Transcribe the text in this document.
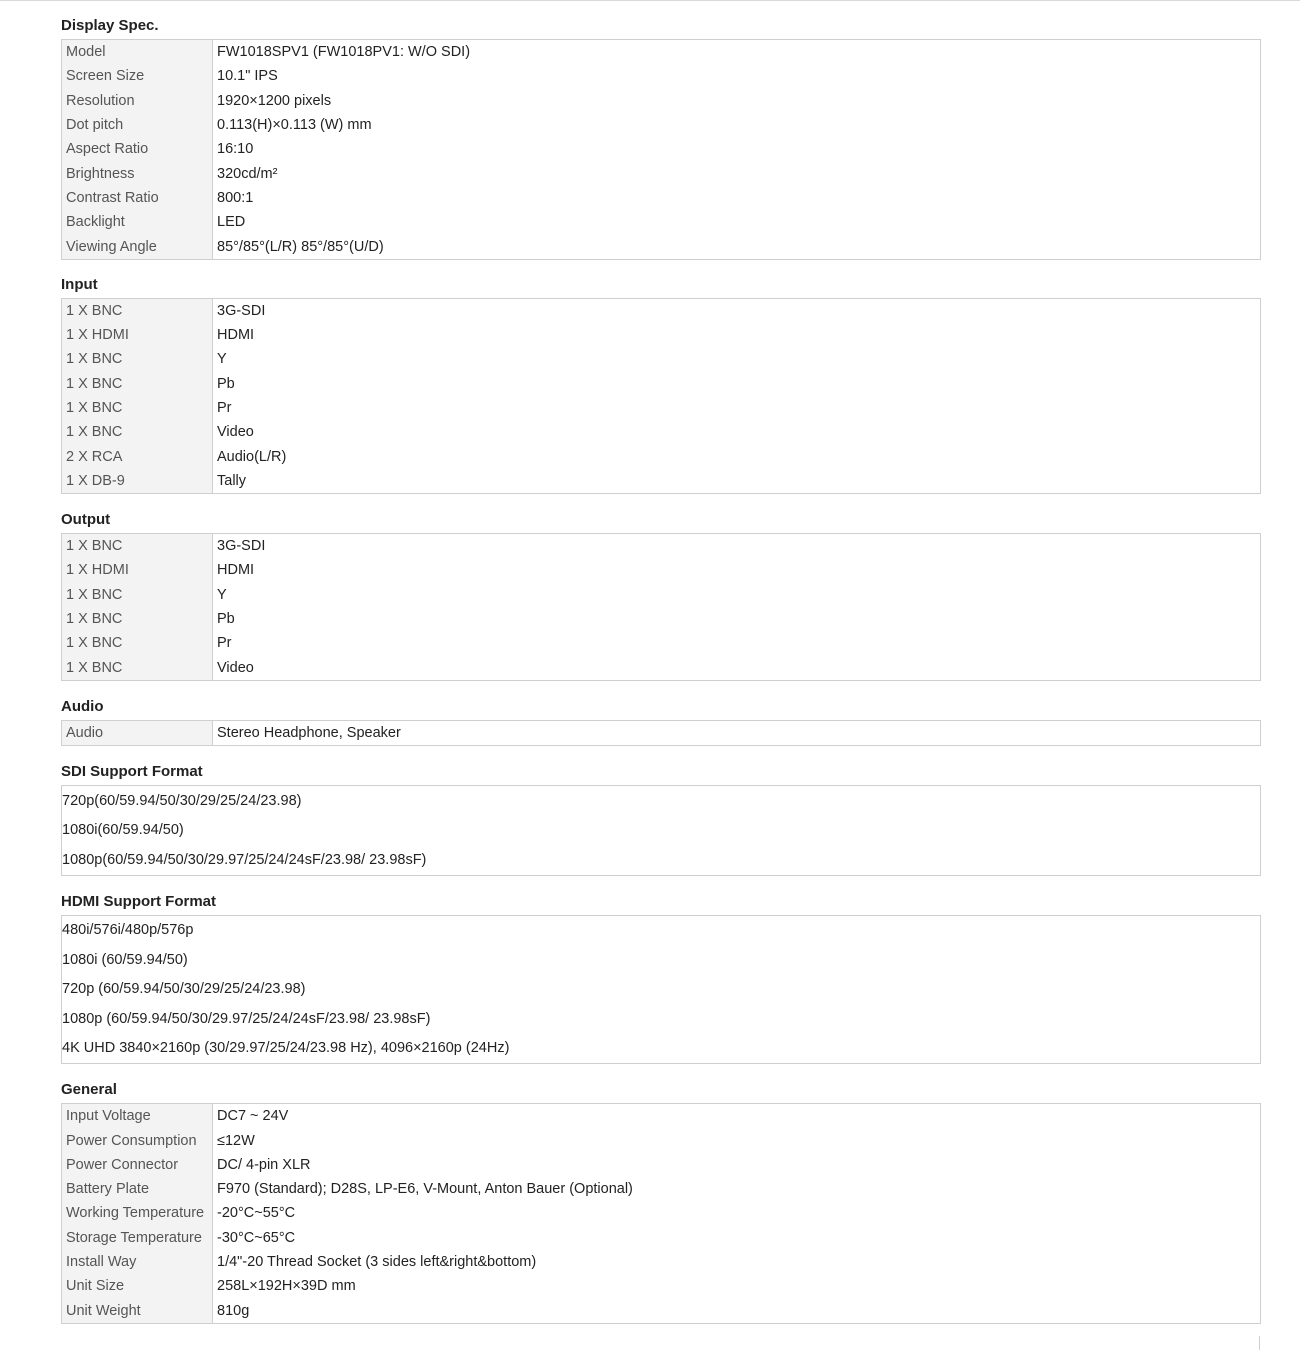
Display Spec.
Model	FW1018SPV1 (FW1018PV1: W/O SDI)
Screen Size	10.1" IPS
Resolution	1920×1200 pixels
Dot pitch	0.113(H)×0.113 (W) mm
Aspect Ratio	16:10
Brightness	320cd/m²
Contrast Ratio	800:1
Backlight	LED
Viewing Angle	85°/85°(L/R) 85°/85°(U/D)
Input
1 X BNC	3G-SDI
1 X HDMI	HDMI
1 X BNC	Y
1 X BNC	Pb
1 X BNC	Pr
1 X BNC	Video
2 X RCA	Audio(L/R)
1 X DB-9	Tally
Output
1 X BNC	3G-SDI
1 X HDMI	HDMI
1 X BNC	Y
1 X BNC	Pb
1 X BNC	Pr
1 X BNC	Video
Audio
Audio	Stereo Headphone, Speaker
SDI Support Format
720p(60/59.94/50/30/29/25/24/23.98)
1080i(60/59.94/50)
1080p(60/59.94/50/30/29.97/25/24/24sF/23.98/ 23.98sF)
HDMI Support Format
480i/576i/480p/576p
1080i (60/59.94/50)
720p (60/59.94/50/30/29/25/24/23.98)
1080p (60/59.94/50/30/29.97/25/24/24sF/23.98/ 23.98sF)
4K UHD 3840×2160p (30/29.97/25/24/23.98 Hz), 4096×2160p (24Hz)
General
Input Voltage	DC7 ~ 24V
Power Consumption	≤12W
Power Connector	DC/ 4-pin XLR
Battery Plate	F970 (Standard); D28S, LP-E6, V-Mount, Anton Bauer (Optional)
Working Temperature	-20°C~55°C
Storage Temperature	-30°C~65°C
Install Way	1/4"-20 Thread Socket (3 sides left&right&bottom)
Unit Size	258L×192H×39D mm
Unit Weight	810g
